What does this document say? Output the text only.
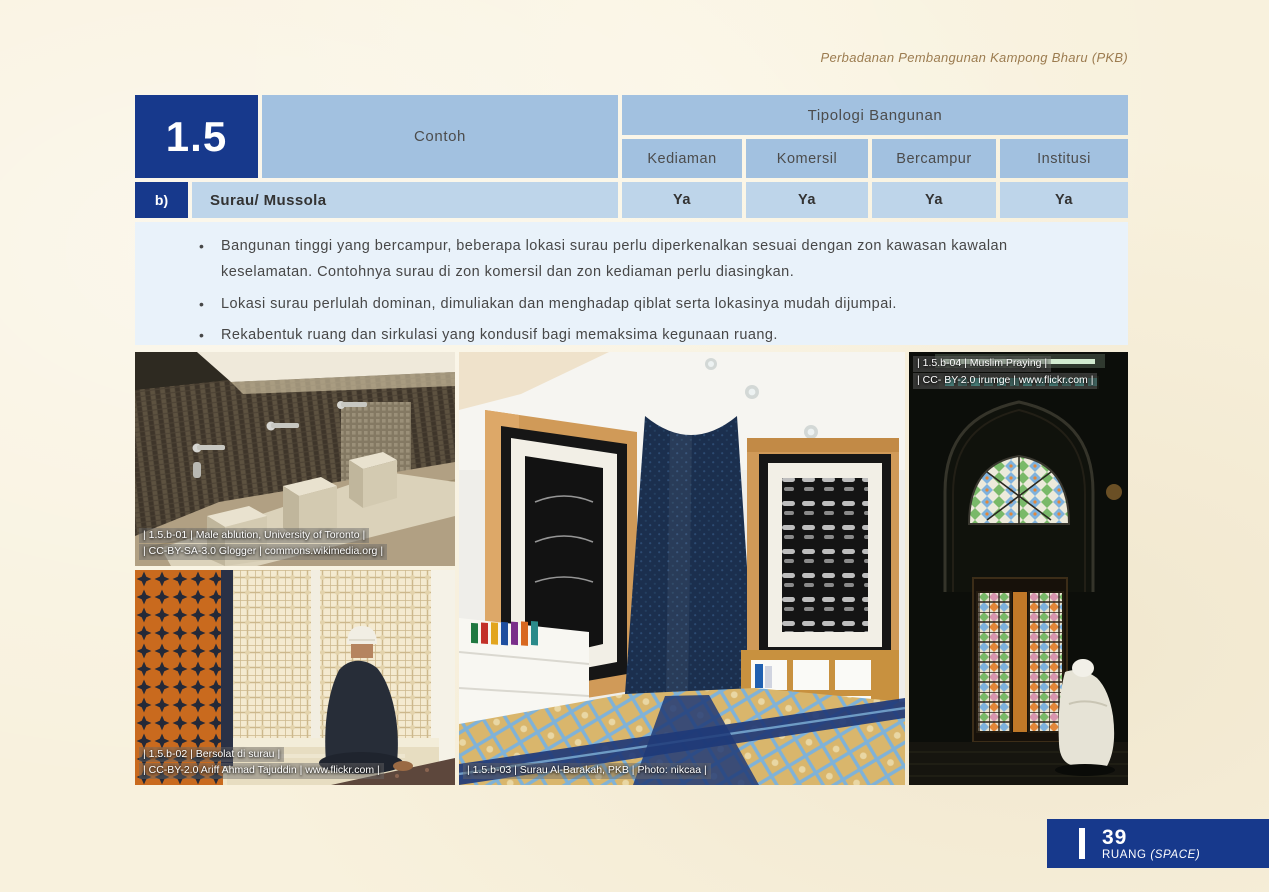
Perbadanan Pembangunan Kampong Bharu (PKB)
1.5	Contoh
Tipologi Bangunan
Kediaman	Komersil	Bercampur	Institusi
b)	Surau/ Mussola	Ya	Ya	Ya	Ya
• Bangunan tinggi yang bercampur, beberapa lokasi surau perlu diperkenalkan sesuai dengan zon kawasan kawalan keselamatan. Contohnya surau di zon komersil dan zon kediaman perlu diasingkan.
• Lokasi surau perlulah dominan, dimuliakan dan menghadap qiblat serta lokasinya mudah dijumpai.
• Rekabentuk ruang dan sirkulasi yang kondusif bagi memaksima kegunaan ruang.
| 1.5.b-01 | Male ablution, University of Toronto |
| CC-BY-SA-3.0 Glogger | commons.wikimedia.org |
| 1.5.b-02 | Bersolat di surau |
| CC-BY-2.0 Ariff Ahmad Tajuddin | www.flickr.com |	| 1.5.b-03 | Surau Al-Barakah, PKB | Photo: nikcaa |
| 1.5.b-04 | Muslim Praying |
| CC- BY-2.0 irumge | www.flickr.com |
39
RUANG (SPACE)
